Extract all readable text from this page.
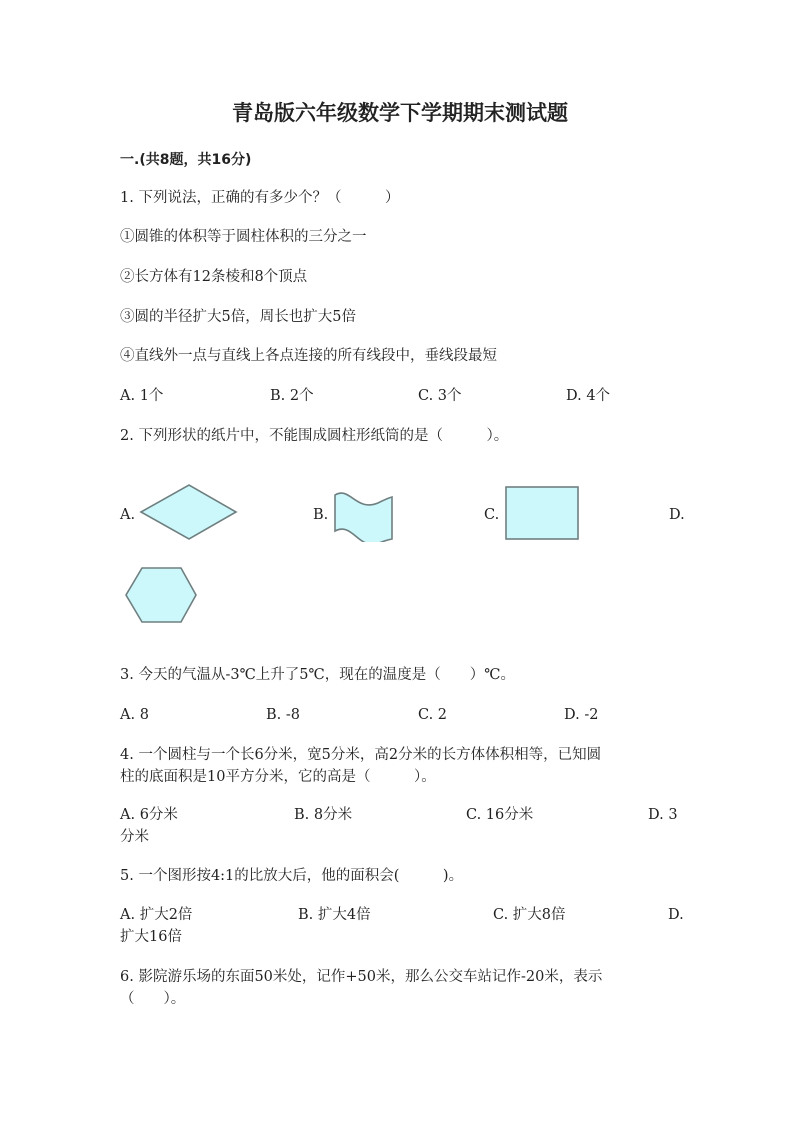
青岛版六年级数学下学期期末测试题
一.(共8题，共16分)
1. 下列说法，正确的有多少个？（　　　）
①圆锥的体积等于圆柱体积的三分之一
②长方体有12条棱和8个顶点
③圆的半径扩大5倍，周长也扩大5倍
④直线外一点与直线上各点连接的所有线段中，垂线段最短
A. 1个	B. 2个	C. 3个	D. 4个
2. 下列形状的纸片中，不能围成圆柱形纸筒的是（　　　）。
A.	B.	C.	D.
3. 今天的气温从-3℃上升了5℃，现在的温度是（　　）℃。
A. 8	B. -8	C. 2	D. -2
4. 一个圆柱与一个长6分米，宽5分米，高2分米的长方体体积相等，已知圆
柱的底面积是10平方分米，它的高是（　　　）。
A. 6分米	B. 8分米	C. 16分米	D. 3
分米
5. 一个图形按4:1的比放大后，他的面积会(　　　)。
A. 扩大2倍	B. 扩大4倍	C. 扩大8倍	D.
扩大16倍
6. 影院游乐场的东面50米处，记作+50米，那么公交车站记作-20米，表示
（　　）。
